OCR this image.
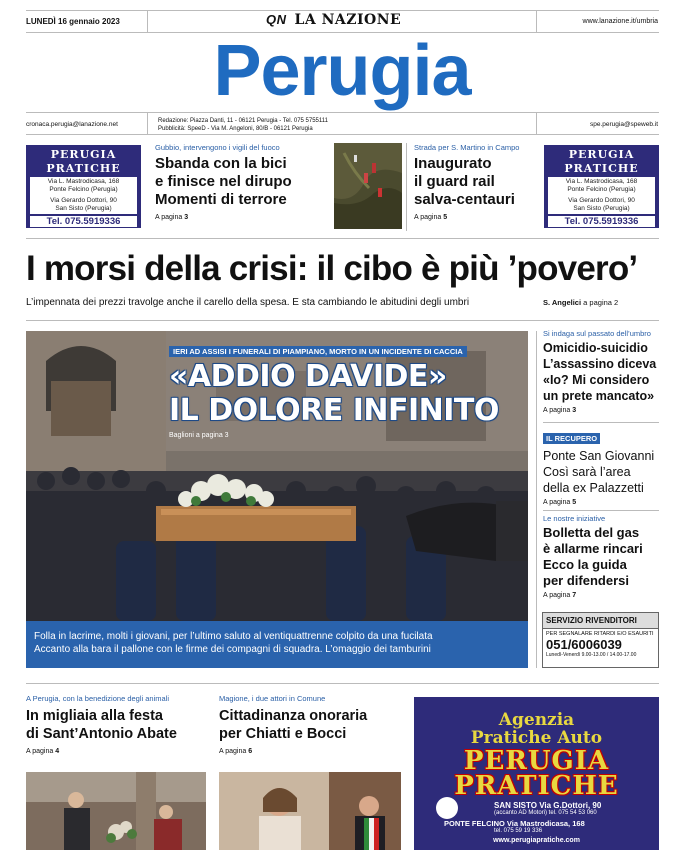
LUNEDÌ 16 gennaio 2023	QN LA NAZIONE	www.lanazione.it/umbria
Perugia
cronaca.perugia@lanazione.net	Redazione: Piazza Danti, 11 - 06121 Perugia - Tel. 075 5755111
Pubblicità: SpeeD - Via M. Angeloni, 80/B - 06121 Perugia
spe.perugia@speweb.it
PERUGIA
PRATICHE
Via L. Mastrodicasa, 168
Ponte Felcino (Perugia)
Via Gerardo Dottori, 90
San Sisto (Perugia)
Tel. 075.5919336
Gubbio, intervengono i vigili del fuoco
Sbanda con la bici
e finisce nel dirupo
Momenti di terrore
A pagina 3
Strada per S. Martino in Campo
Inaugurato
il guard rail
salva-centauri
A pagina 5
PERUGIA
PRATICHE
Via L. Mastrodicasa, 168
Ponte Felcino (Perugia)
Via Gerardo Dottori, 90
San Sisto (Perugia)
Tel. 075.5919336
I morsi della crisi: il cibo è più ’povero’
L’impennata dei prezzi travolge anche il carello della spesa. E sta cambiando le abitudini degli umbri	S. Angelici a pagina 2
IERI AD ASSISI I FUNERALI DI PIAMPIANO, MORTO IN UN INCIDENTE DI CACCIA
«ADDIO DAVIDE»
IL DOLORE INFINITO
Baglioni a pagina 3
Folla in lacrime, molti i giovani, per l’ultimo saluto al ventiquattrenne colpito da una fucilata
Accanto alla bara il pallone con le firme dei compagni di squadra. L’omaggio dei tamburini
Si indaga sul passato dell’umbro
Omicidio-suicidio
L’assassino diceva
«Io? Mi considero
un prete mancato»
A pagina 3
IL RECUPERO
Ponte San Giovanni
Così sarà l’area
della ex Palazzetti
A pagina 5
Le nostre iniziative
Bolletta del gas
è allarme rincari
Ecco la guida
per difendersi
A pagina 7
SERVIZIO RIVENDITORI
PER SEGNALARE RITARDI E/O ESAURITI
051/6006039
Lunedì-Venerdì 9.00-13.00 / 14.00-17.00
A Perugia, con la benedizione degli animali
In migliaia alla festa
di Sant’Antonio Abate
A pagina 4
Magione, i due attori in Comune
Cittadinanza onoraria
per Chiatti e Bocci
A pagina 6
Agenzia
Pratiche Auto
PERUGIA
PRATICHE
SAN SISTO Via G.Dottori, 90
(accanto AD Motori) tel. 075 54 53 060
PONTE FELCINO Via Mastrodicasa, 168
tel. 075 59 19 336
www.perugiapratiche.com
